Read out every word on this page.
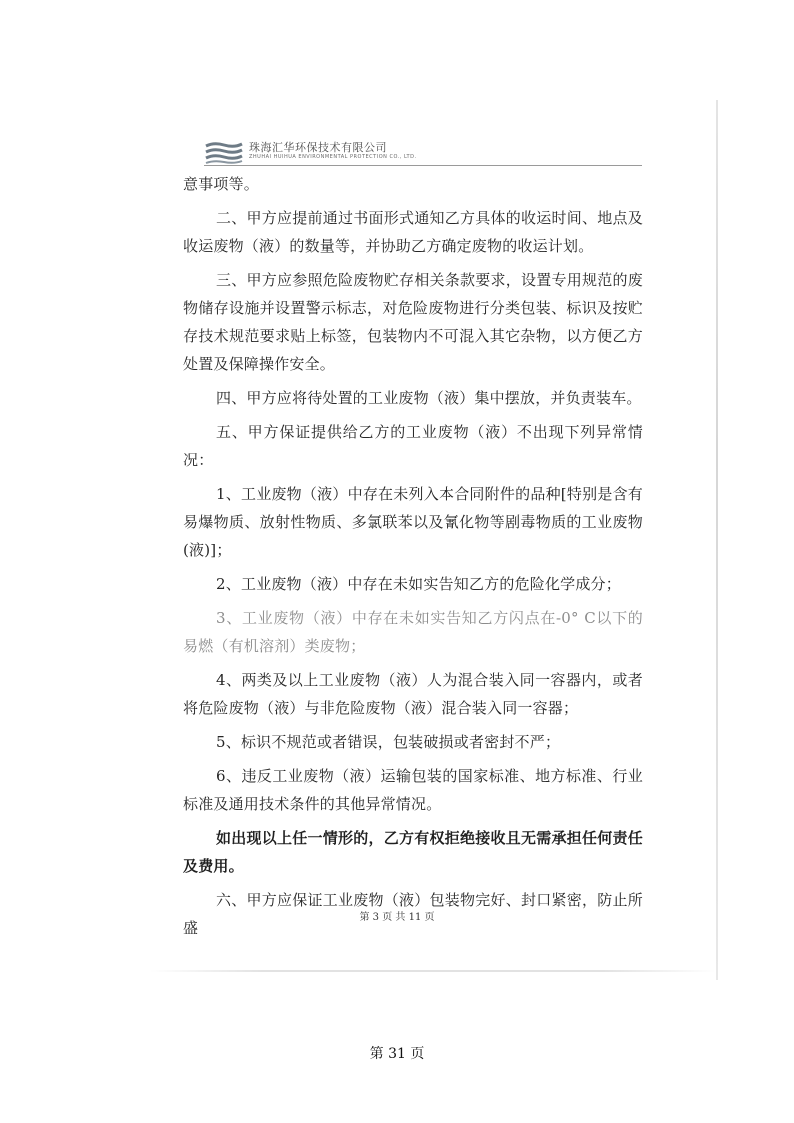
珠海汇华环保技术有限公司
ZHUHAI HUIHUA ENVIRONMENTAL PROTECTION CO., LTD.

意事项等。

二、甲方应提前通过书面形式通知乙方具体的收运时间、地点及收运废物（液）的数量等，并协助乙方确定废物的收运计划。

三、甲方应参照危险废物贮存相关条款要求，设置专用规范的废物储存设施并设置警示标志，对危险废物进行分类包装、标识及按贮存技术规范要求贴上标签，包装物内不可混入其它杂物，以方便乙方处置及保障操作安全。

四、甲方应将待处置的工业废物（液）集中摆放，并负责装车。

五、甲方保证提供给乙方的工业废物（液）不出现下列异常情况：

1、工业废物（液）中存在未列入本合同附件的品种[特别是含有易爆物质、放射性物质、多氯联苯以及氰化物等剧毒物质的工业废物(液)]；

2、工业废物（液）中存在未如实告知乙方的危险化学成分；

3、工业废物（液）中存在未如实告知乙方闪点在-0° C以下的易燃（有机溶剂）类废物；

4、两类及以上工业废物（液）人为混合装入同一容器内，或者将危险废物（液）与非危险废物（液）混合装入同一容器；

5、标识不规范或者错误，包装破损或者密封不严；

6、违反工业废物（液）运输包装的国家标准、地方标准、行业标准及通用技术条件的其他异常情况。

如出现以上任一情形的，乙方有权拒绝接收且无需承担任何责任及费用。

六、甲方应保证工业废物（液）包装物完好、封口紧密，防止所盛

第 3 页 共 11 页
第 31 页
